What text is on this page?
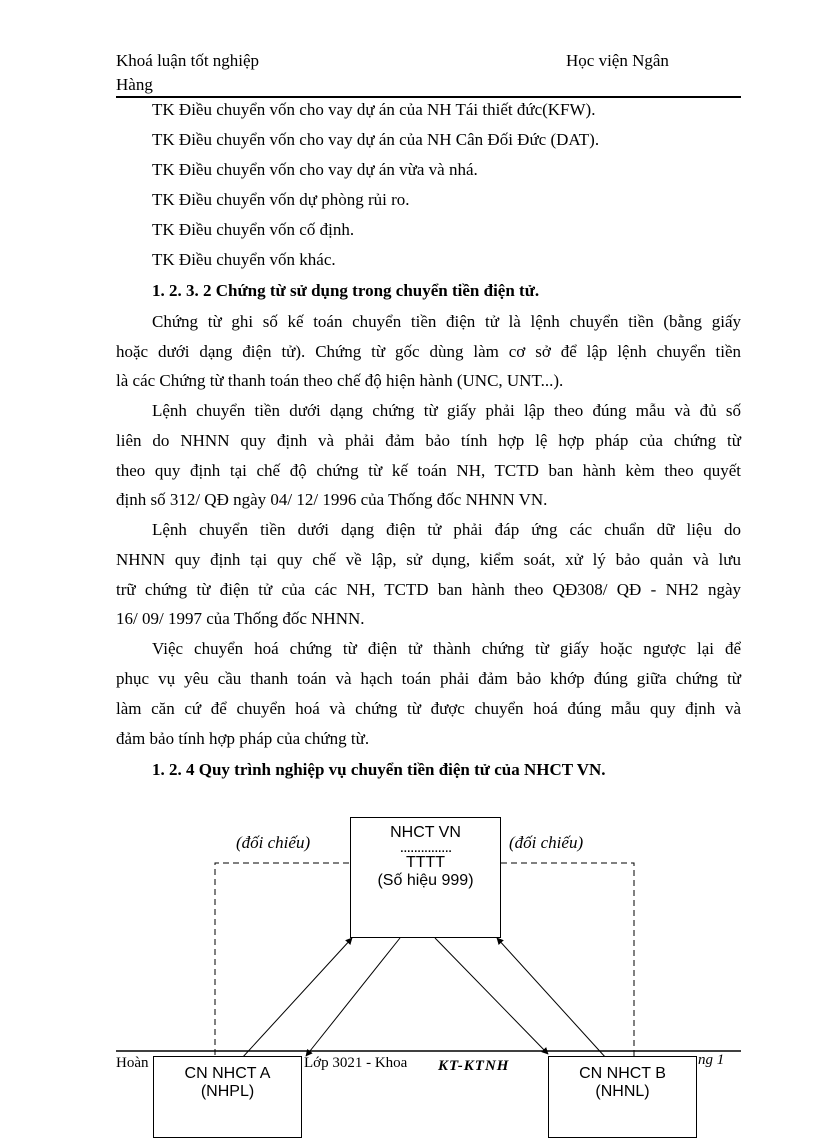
Khoá luận tốt nghiệp	Học viện Ngân
Hàng
TK Điều chuyển vốn cho vay dự án của NH Tái thiết đức(KFW).
TK Điều chuyển vốn cho vay dự án của NH Cân Đối Đức (DAT).
TK Điều chuyển vốn cho vay dự án vừa và nhá.
TK Điều chuyển vốn dự phòng rủi ro.
TK Điều chuyển vốn cố định.
TK Điều chuyển vốn khác.
1. 2. 3. 2 Chứng từ sử dụng trong chuyển tiền điện tử.
Chứng từ ghi số kế toán chuyển tiền điện tử là lệnh chuyển tiền (bằng giấy
hoặc dưới dạng điện tử). Chứng từ gốc dùng làm cơ sở để lập lệnh chuyển tiền
là các Chứng từ thanh toán theo chế độ hiện hành (UNC, UNT...).
Lệnh chuyển tiền dưới dạng chứng từ giấy phải lập theo đúng mẫu và đủ số
liên do NHNN quy định và phải đảm bảo tính hợp lệ hợp pháp của chứng từ
theo quy định tại chế độ chứng từ kế toán NH, TCTD ban hành kèm theo quyết
định số 312/ QĐ ngày 04/ 12/ 1996 của Thống đốc NHNN VN.
Lệnh chuyển tiền dưới dạng điện tử phải đáp ứng các chuẩn dữ liệu do
NHNN quy định tại quy chế về lập, sử dụng, kiểm soát, xử lý bảo quản và lưu
trữ chứng từ điện tử của các NH, TCTD ban hành theo QĐ308/ QĐ - NH2 ngày
16/ 09/ 1997 của Thống đốc NHNN.
Việc chuyển hoá chứng từ điện tử thành chứng từ giấy hoặc ngược lại để
phục vụ yêu cầu thanh toán và hạch toán phải đảm bảo khớp đúng giữa chứng từ
làm căn cứ để chuyển hoá và chứng từ được chuyển hoá đúng mẫu quy định và
đảm bảo tính hợp pháp của chứng từ.
1. 2. 4 Quy trình nghiệp vụ chuyển tiền điện tử của NHCT VN.
(đối chiếu)	(đối chiếu)
NHCT VN
...............
TTTT
(Số hiệu 999)
Hoàn	Lớp 3021 - Khoa KT-KTNH	ng 1
CN NHCT A
(NHPL)
CN NHCT B
(NHNL)
